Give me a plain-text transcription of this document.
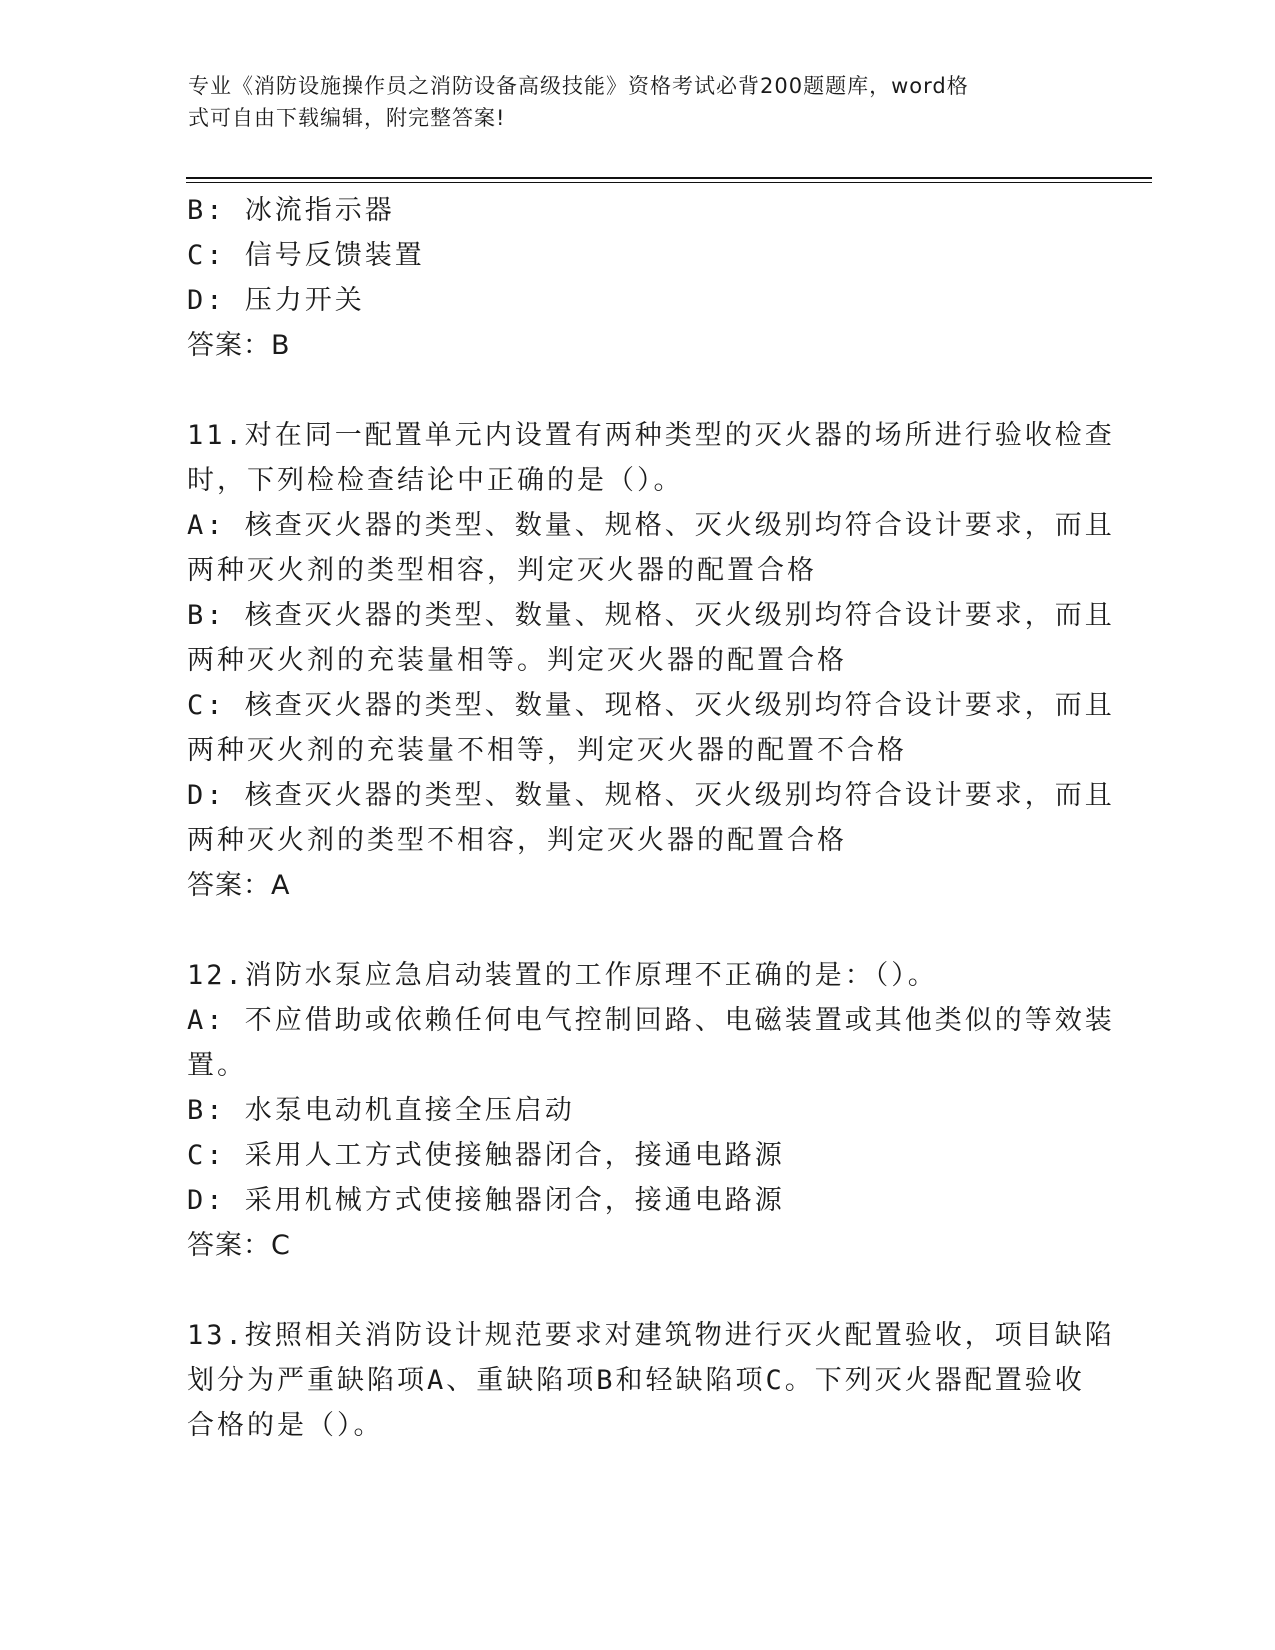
专业《消防设施操作员之消防设备高级技能》资格考试必背200题题库，word格
式可自由下载编辑，附完整答案!
B: 冰流指示器
C: 信号反馈装置
D: 压力开关
答案：B
11.对在同一配置单元内设置有两种类型的灭火器的场所进行验收检查
时，下列检检查结论中正确的是（）。
A: 核查灭火器的类型、数量、规格、灭火级别均符合设计要求，而且
两种灭火剂的类型相容，判定灭火器的配置合格
B: 核查灭火器的类型、数量、规格、灭火级别均符合设计要求，而且
两种灭火剂的充装量相等。判定灭火器的配置合格
C: 核查灭火器的类型、数量、现格、灭火级别均符合设计要求，而且
两种灭火剂的充装量不相等，判定灭火器的配置不合格
D: 核查灭火器的类型、数量、规格、灭火级别均符合设计要求，而且
两种灭火剂的类型不相容，判定灭火器的配置合格
答案：A
12.消防水泵应急启动装置的工作原理不正确的是：（）。
A: 不应借助或依赖任何电气控制回路、电磁装置或其他类似的等效装
置。
B: 水泵电动机直接全压启动
C: 采用人工方式使接触器闭合，接通电路源
D: 采用机械方式使接触器闭合，接通电路源
答案：C
13.按照相关消防设计规范要求对建筑物进行灭火配置验收，项目缺陷
划分为严重缺陷项A、重缺陷项B和轻缺陷项C。下列灭火器配置验收
合格的是（）。
